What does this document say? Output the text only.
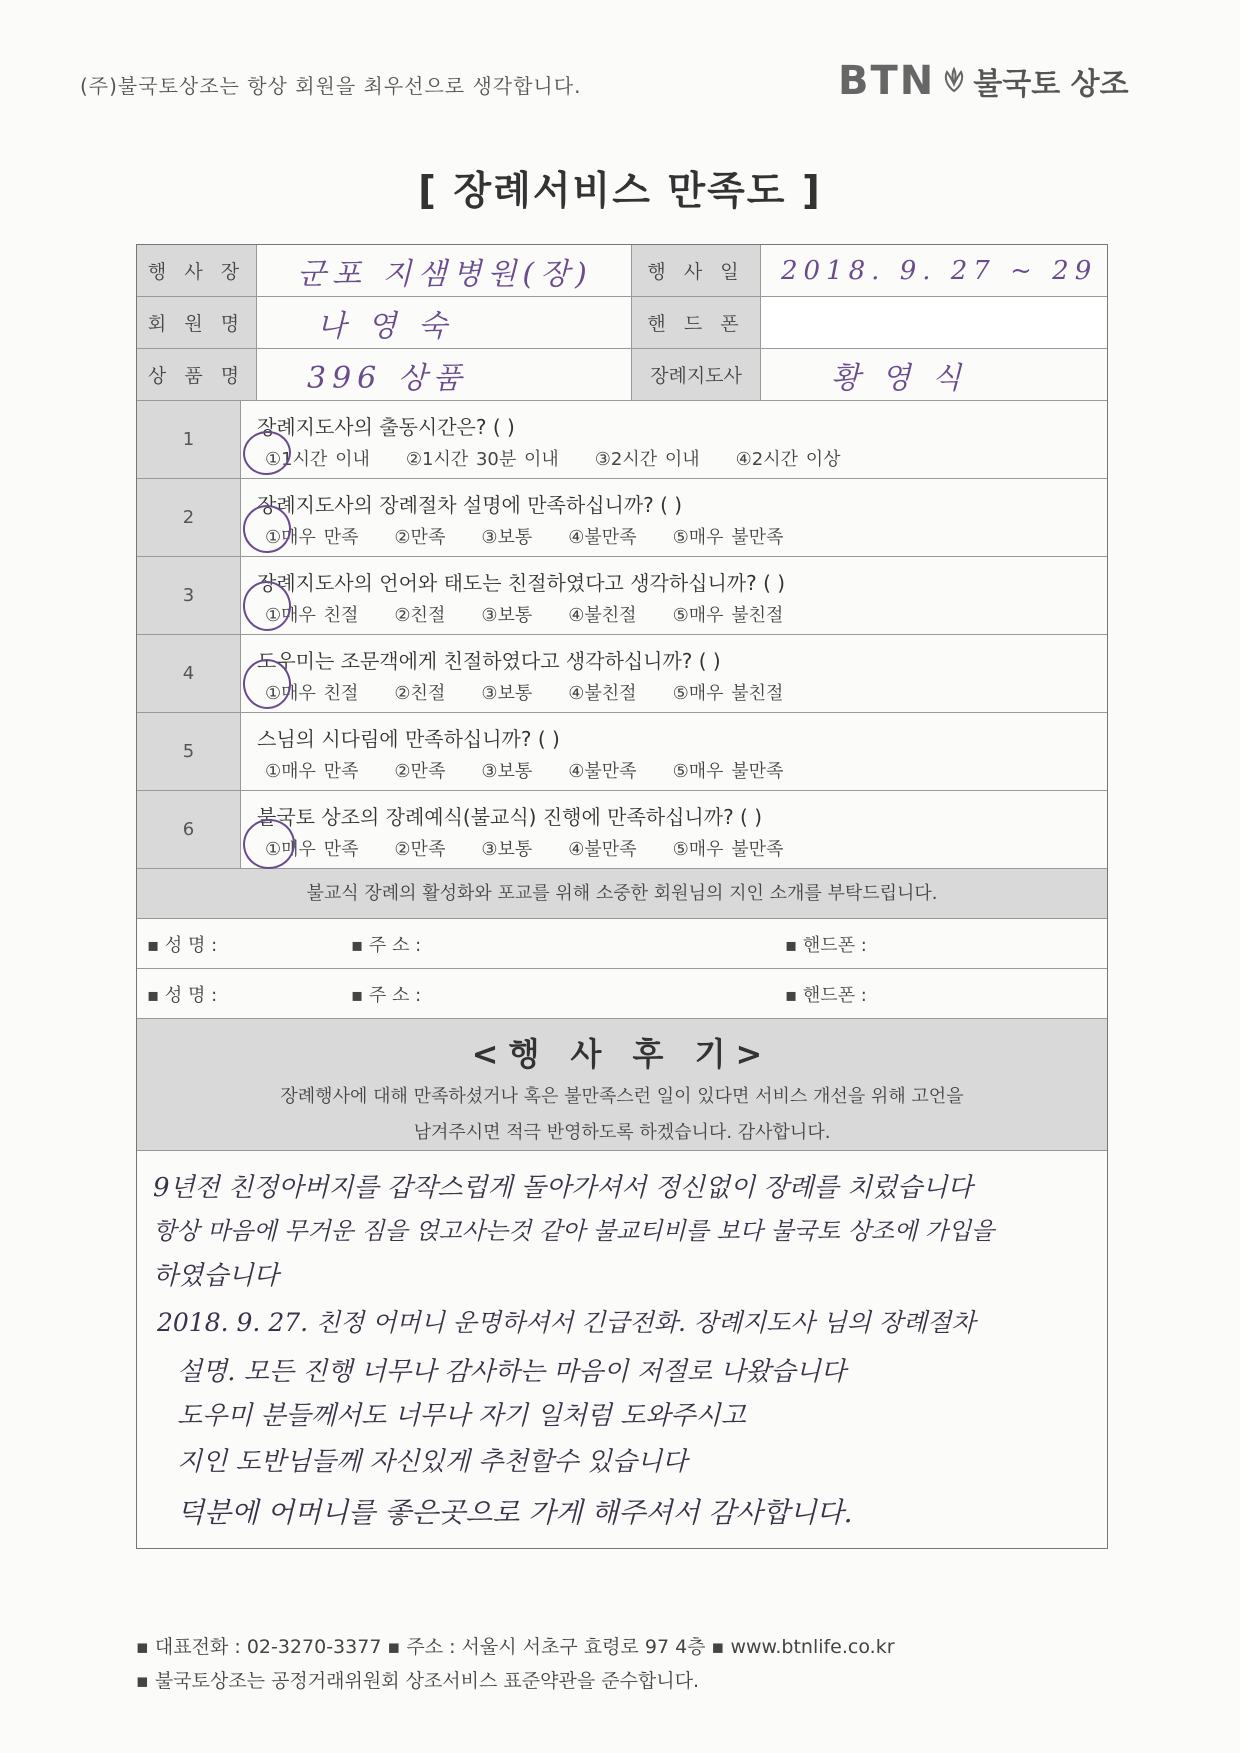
(주)불국토상조는 항상 회원을 최우선으로 생각합니다.	BTN 불국토 상조
[ 장례서비스 만족도 ]
행 사 장	군포 지샘병원(장)	행 사 일	2018. 9. 27 ~ 29
회 원 명	나 영 숙	핸 드 폰
상 품 명	396 상품	장례지도사	황 영 식
1
장례지도사의 출동시간은? ( )
①1시간 이내 ②1시간 30분 이내 ③2시간 이내 ④2시간 이상
2
장례지도사의 장례절차 설명에 만족하십니까? ( )
①매우 만족 ②만족 ③보통 ④불만족 ⑤매우 불만족
3
장례지도사의 언어와 태도는 친절하였다고 생각하십니까? ( )
①매우 친절 ②친절 ③보통 ④불친절 ⑤매우 불친절
4
도우미는 조문객에게 친절하였다고 생각하십니까? ( )
①매우 친절 ②친절 ③보통 ④불친절 ⑤매우 불친절
5
스님의 시다림에 만족하십니까? ( )
①매우 만족 ②만족 ③보통 ④불만족 ⑤매우 불만족
6
불국토 상조의 장례예식(불교식) 진행에 만족하십니까? ( )
①매우 만족 ②만족 ③보통 ④불만족 ⑤매우 불만족
불교식 장례의 활성화와 포교를 위해 소중한 회원님의 지인 소개를 부탁드립니다.
▪ 성 명 :	▪ 주 소 :	▪ 핸드폰 :
▪ 성 명 :	▪ 주 소 :	▪ 핸드폰 :
<행 사 후 기>
장례행사에 대해 만족하셨거나 혹은 불만족스런 일이 있다면 서비스 개선을 위해 고언을
남겨주시면 적극 반영하도록 하겠습니다. 감사합니다.
9년전 친정아버지를 갑작스럽게 돌아가셔서 정신없이 장례를 치렀습니다
항상 마음에 무거운 짐을 얹고사는것 같아 불교티비를 보다 불국토 상조에 가입을
하였습니다
2018. 9. 27. 친정 어머니 운명하셔서 긴급전화. 장례지도사 님의 장례절차
설명. 모든 진행 너무나 감사하는 마음이 저절로 나왔습니다
도우미 분들께서도 너무나 자기 일처럼 도와주시고
지인 도반님들께 자신있게 추천할수 있습니다
덕분에 어머니를 좋은곳으로 가게 해주셔서 감사합니다.
▪ 대표전화 : 02-3270-3377 ▪ 주소 : 서울시 서초구 효령로 97 4층 ▪ www.btnlife.co.kr
▪ 불국토상조는 공정거래위원회 상조서비스 표준약관을 준수합니다.
